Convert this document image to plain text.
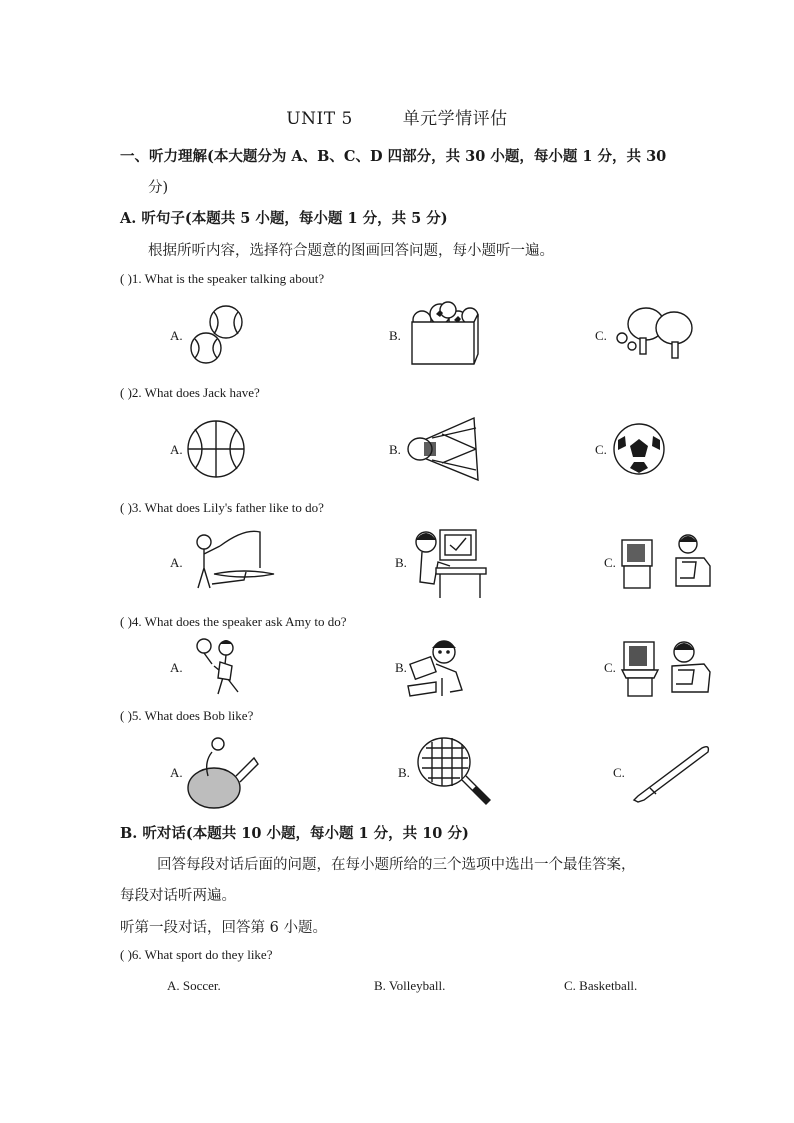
UNIT 5	单元学情评估
一、听力理解(本大题分为 A、B、C、D 四部分，共 30 小题，每小题 1 分，共 30
分)
A. 听句子(本题共 5 小题，每小题 1 分，共 5 分)
根据所听内容，选择符合题意的图画回答问题，每小题听一遍。
( )1. What is the speaker talking about?
A.	B.	C.
( )2. What does Jack have?
A.	B.	C.
( )3. What does Lily's father like to do?
A.	B.	C.
( )4. What does the speaker ask Amy to do?
A.	B.	C.
( )5. What does Bob like?
A.	B.	C.
B. 听对话(本题共 10 小题，每小题 1 分，共 10 分)
回答每段对话后面的问题，在每小题所给的三个选项中选出一个最佳答案，
每段对话听两遍。
听第一段对话，回答第 6 小题。
( )6. What sport do they like?
A. Soccer.	B. Volleyball.	C. Basketball.
